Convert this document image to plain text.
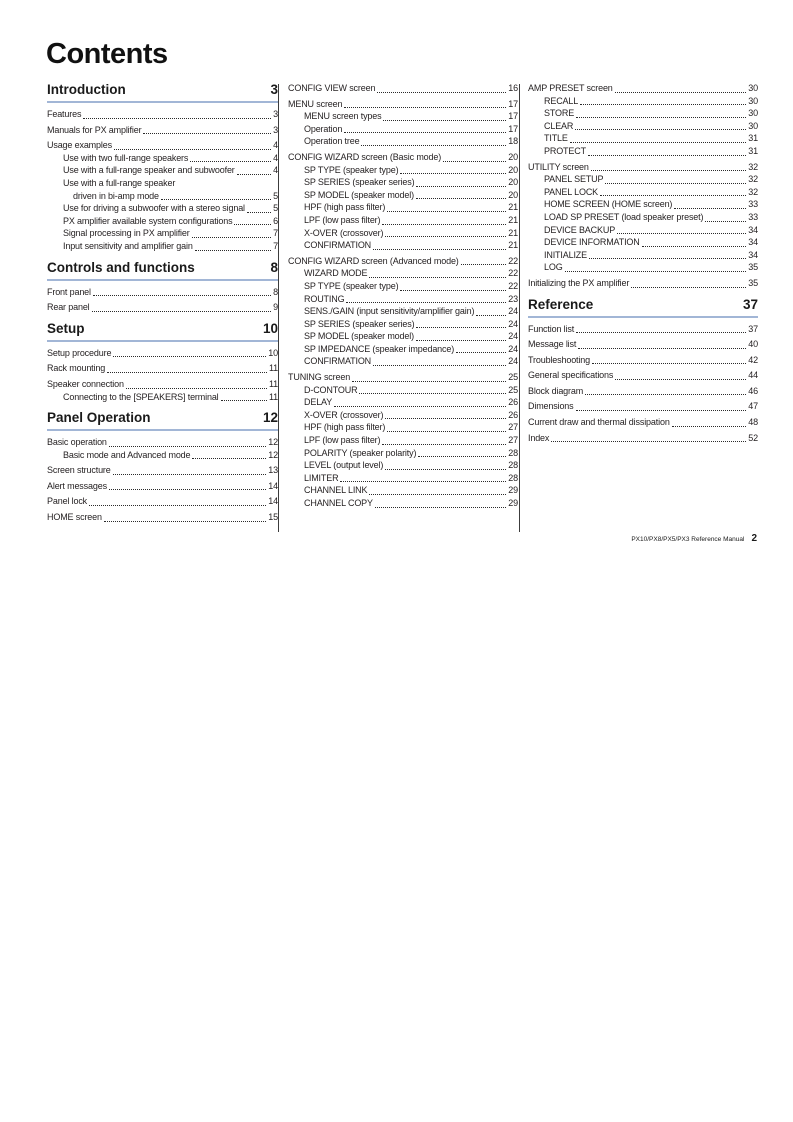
Contents
Introduction	3
Features	3
Manuals for PX amplifier	3
Usage examples	4
Use with two full-range speakers	4
Use with a full-range speaker and subwoofer	4
Use with a full-range speaker
driven in bi-amp mode	5
Use for driving a subwoofer with a stereo signal	5
PX amplifier available system configurations	6
Signal processing in PX amplifier	7
Input sensitivity and amplifier gain	7
Controls and functions	8
Front panel	8
Rear panel	9
Setup	10
Setup procedure	10
Rack mounting	11
Speaker connection	11
Connecting to the [SPEAKERS] terminal	11
Panel Operation	12
Basic operation	12
Basic mode and Advanced mode	12
Screen structure	13
Alert messages	14
Panel lock	14
HOME screen	15
CONFIG VIEW screen	16
MENU screen	17
MENU screen types	17
Operation	17
Operation tree	18
CONFIG WIZARD screen (Basic mode)	20
SP TYPE (speaker type)	20
SP SERIES (speaker series)	20
SP MODEL (speaker model)	20
HPF (high pass filter)	21
LPF (low pass filter)	21
X-OVER (crossover)	21
CONFIRMATION	21
CONFIG WIZARD screen (Advanced mode)	22
WIZARD MODE	22
SP TYPE (speaker type)	22
ROUTING	23
SENS./GAIN (input sensitivity/amplifier gain)	24
SP SERIES (speaker series)	24
SP MODEL (speaker model)	24
SP IMPEDANCE (speaker impedance)	24
CONFIRMATION	24
TUNING screen	25
D-CONTOUR	25
DELAY	26
X-OVER (crossover)	26
HPF (high pass filter)	27
LPF (low pass filter)	27
POLARITY (speaker polarity)	28
LEVEL (output level)	28
LIMITER	28
CHANNEL LINK	29
CHANNEL COPY	29
AMP PRESET screen	30
RECALL	30
STORE	30
CLEAR	30
TITLE	31
PROTECT	31
UTILITY screen	32
PANEL SETUP	32
PANEL LOCK	32
HOME SCREEN (HOME screen)	33
LOAD SP PRESET (load speaker preset)	33
DEVICE BACKUP	34
DEVICE INFORMATION	34
INITIALIZE	34
LOG	35
Initializing the PX amplifier	35
Reference	37
Function list	37
Message list	40
Troubleshooting	42
General specifications	44
Block diagram	46
Dimensions	47
Current draw and thermal dissipation	48
Index	52
PX10/PX8/PX5/PX3 Reference Manual 2
